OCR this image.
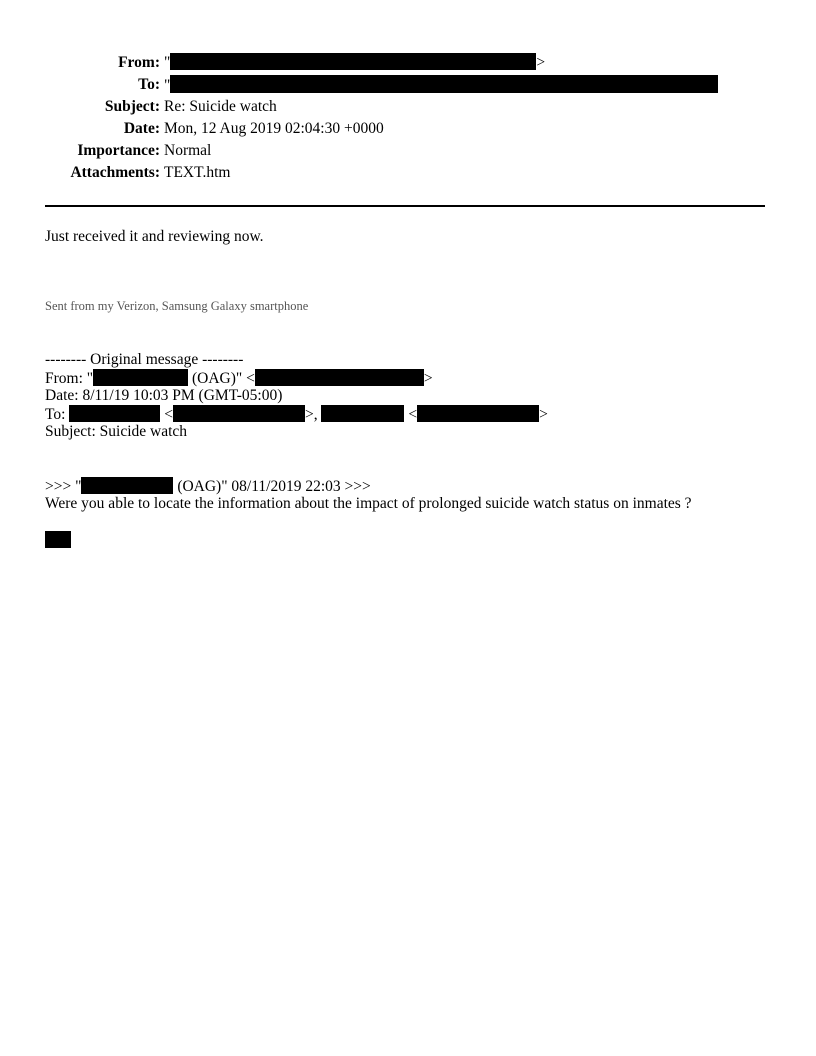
From: "	>
To: "
Subject: Re: Suicide watch
Date: Mon, 12 Aug 2019 02:04:30 +0000
Importance: Normal
Attachments: TEXT.htm
Just received it and reviewing now.
Sent from my Verizon, Samsung Galaxy smartphone
-------- Original message --------
From: "	(OAG)" <	>
Date: 8/11/19 10:03 PM (GMT-05:00)
To:	<	>,	<	>
Subject: Suicide watch
>>> "	(OAG)" 08/11/2019 22:03 >>>
Were you able to locate the information about the impact of prolonged suicide watch status on inmates ?
